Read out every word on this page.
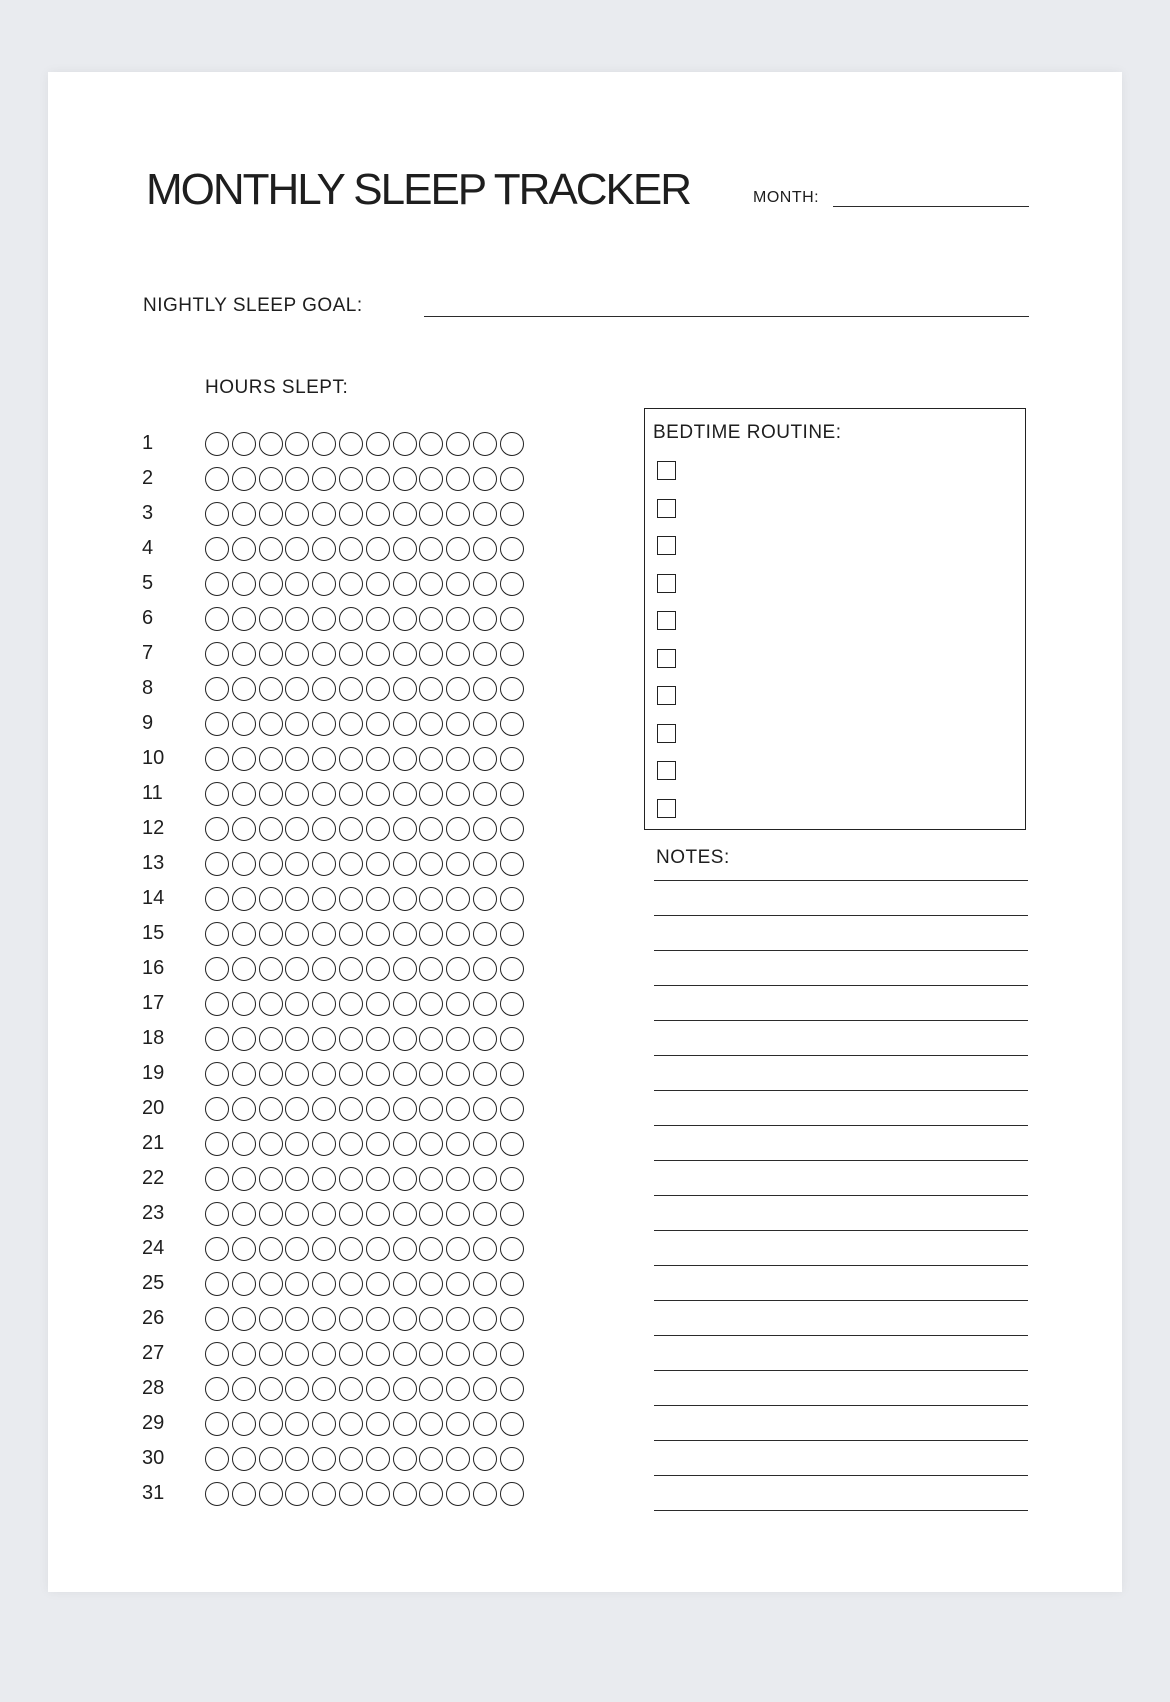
MONTHLY SLEEP TRACKER	MONTH:
NIGHTLY SLEEP GOAL:
HOURS SLEPT:
1
2
3
4
5
6
7
8
9
10
11
12
13
14
15
16
17
18
19
20
21
22
23
24
25
26
27
28
29
30
31
BEDTIME ROUTINE:
NOTES:
